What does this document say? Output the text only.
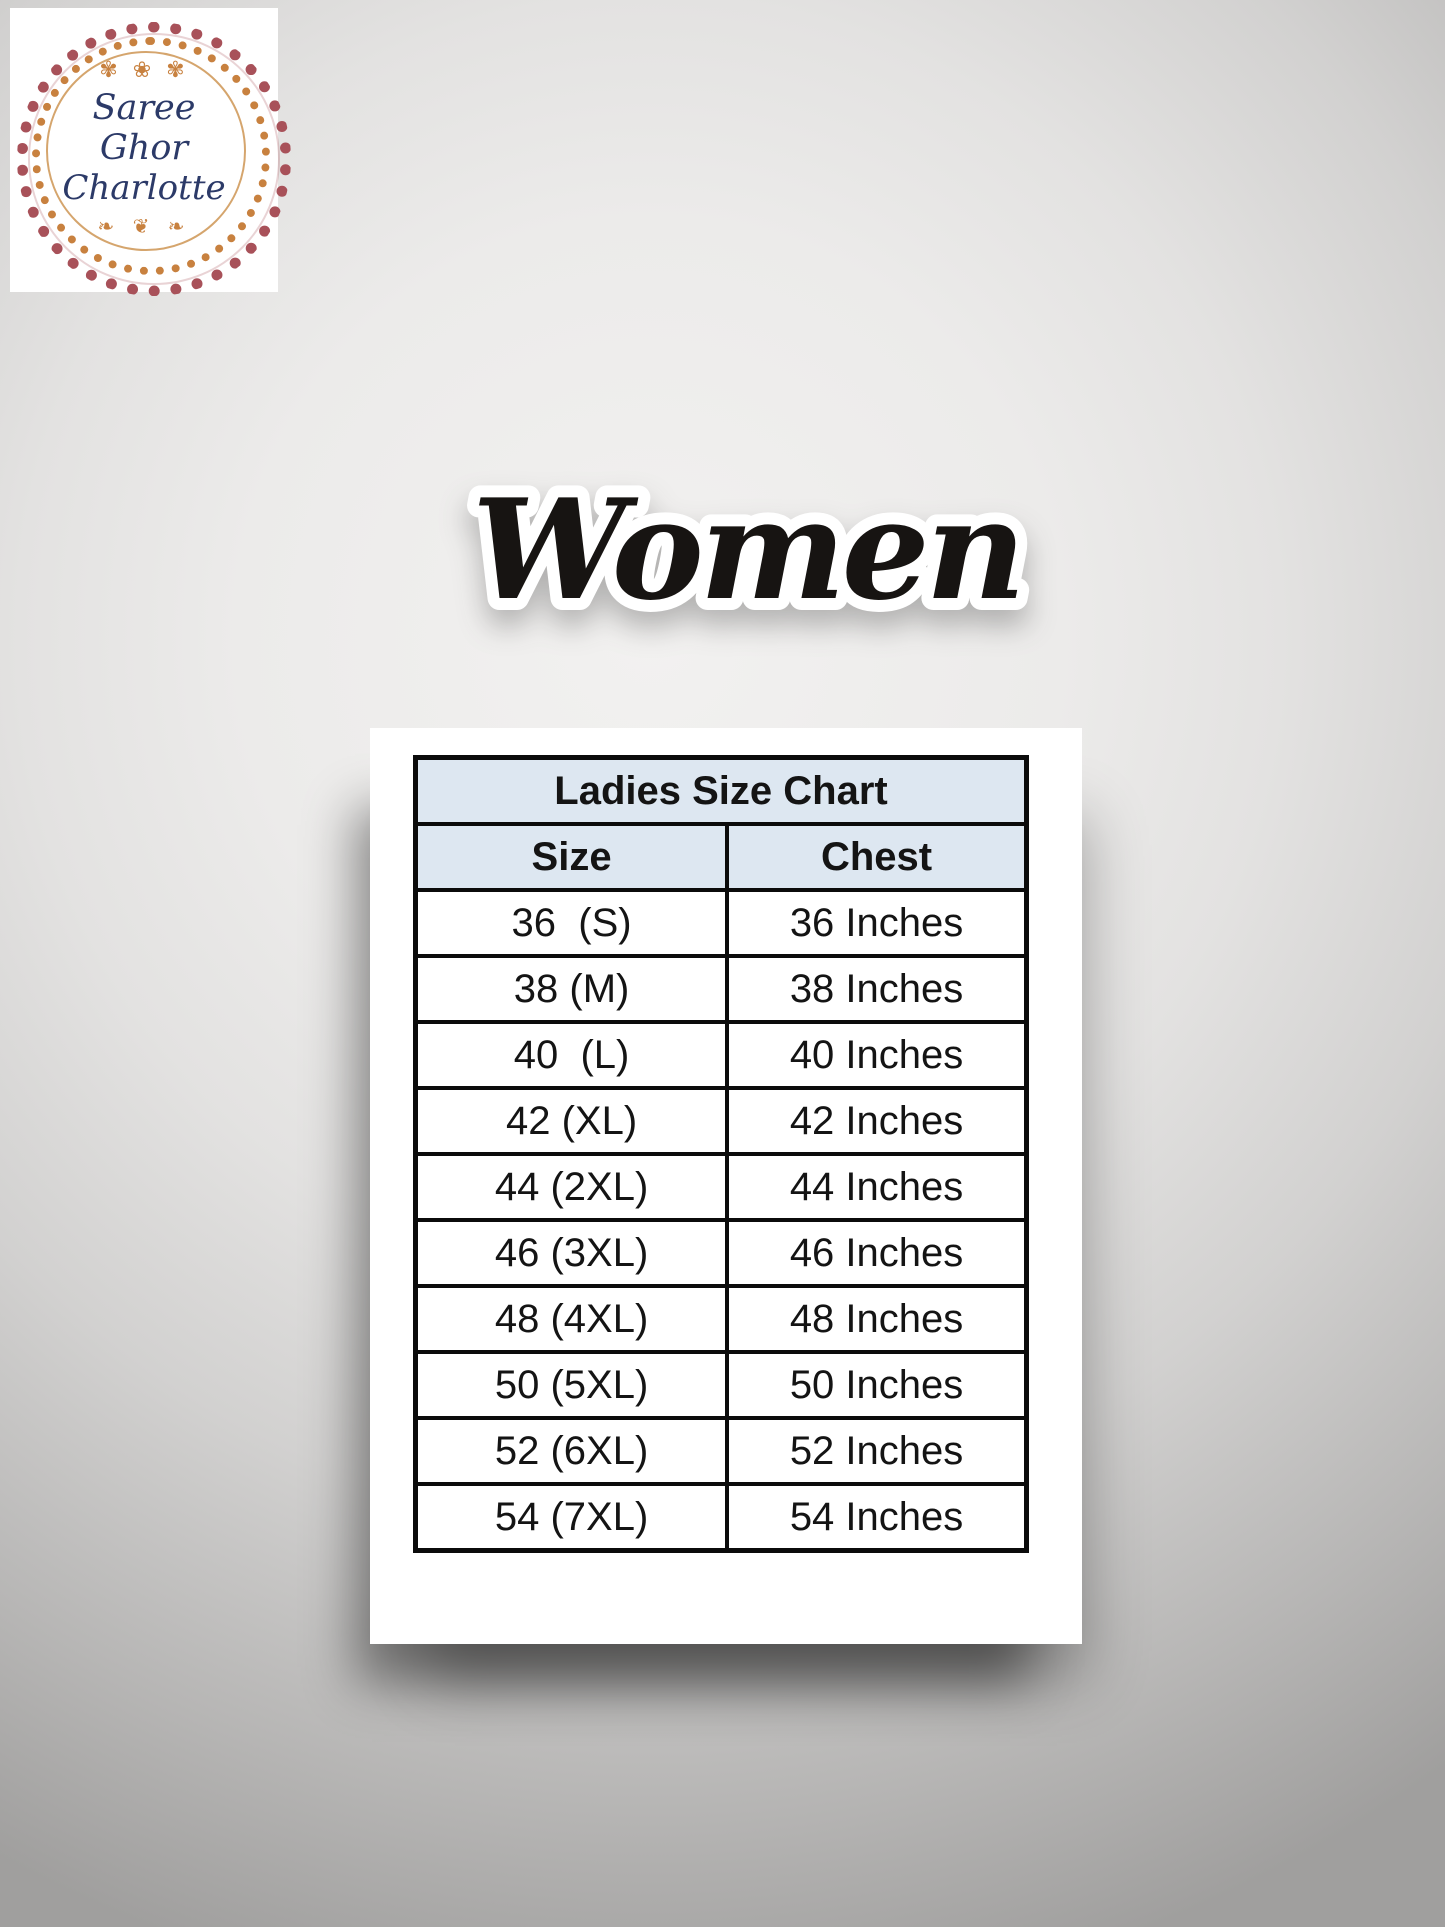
✾ ❀ ✾
Saree Ghor
Charlotte
❧ ❦ ❧
Women
Ladies Size Chart	
Size	Chest
36  (S)	36 Inches
38 (M)	38 Inches
40  (L)	40 Inches
42 (XL)	42 Inches
44 (2XL)	44 Inches
46 (3XL)	46 Inches
48 (4XL)	48 Inches
50 (5XL)	50 Inches
52 (6XL)	52 Inches
54 (7XL)	54 Inches
